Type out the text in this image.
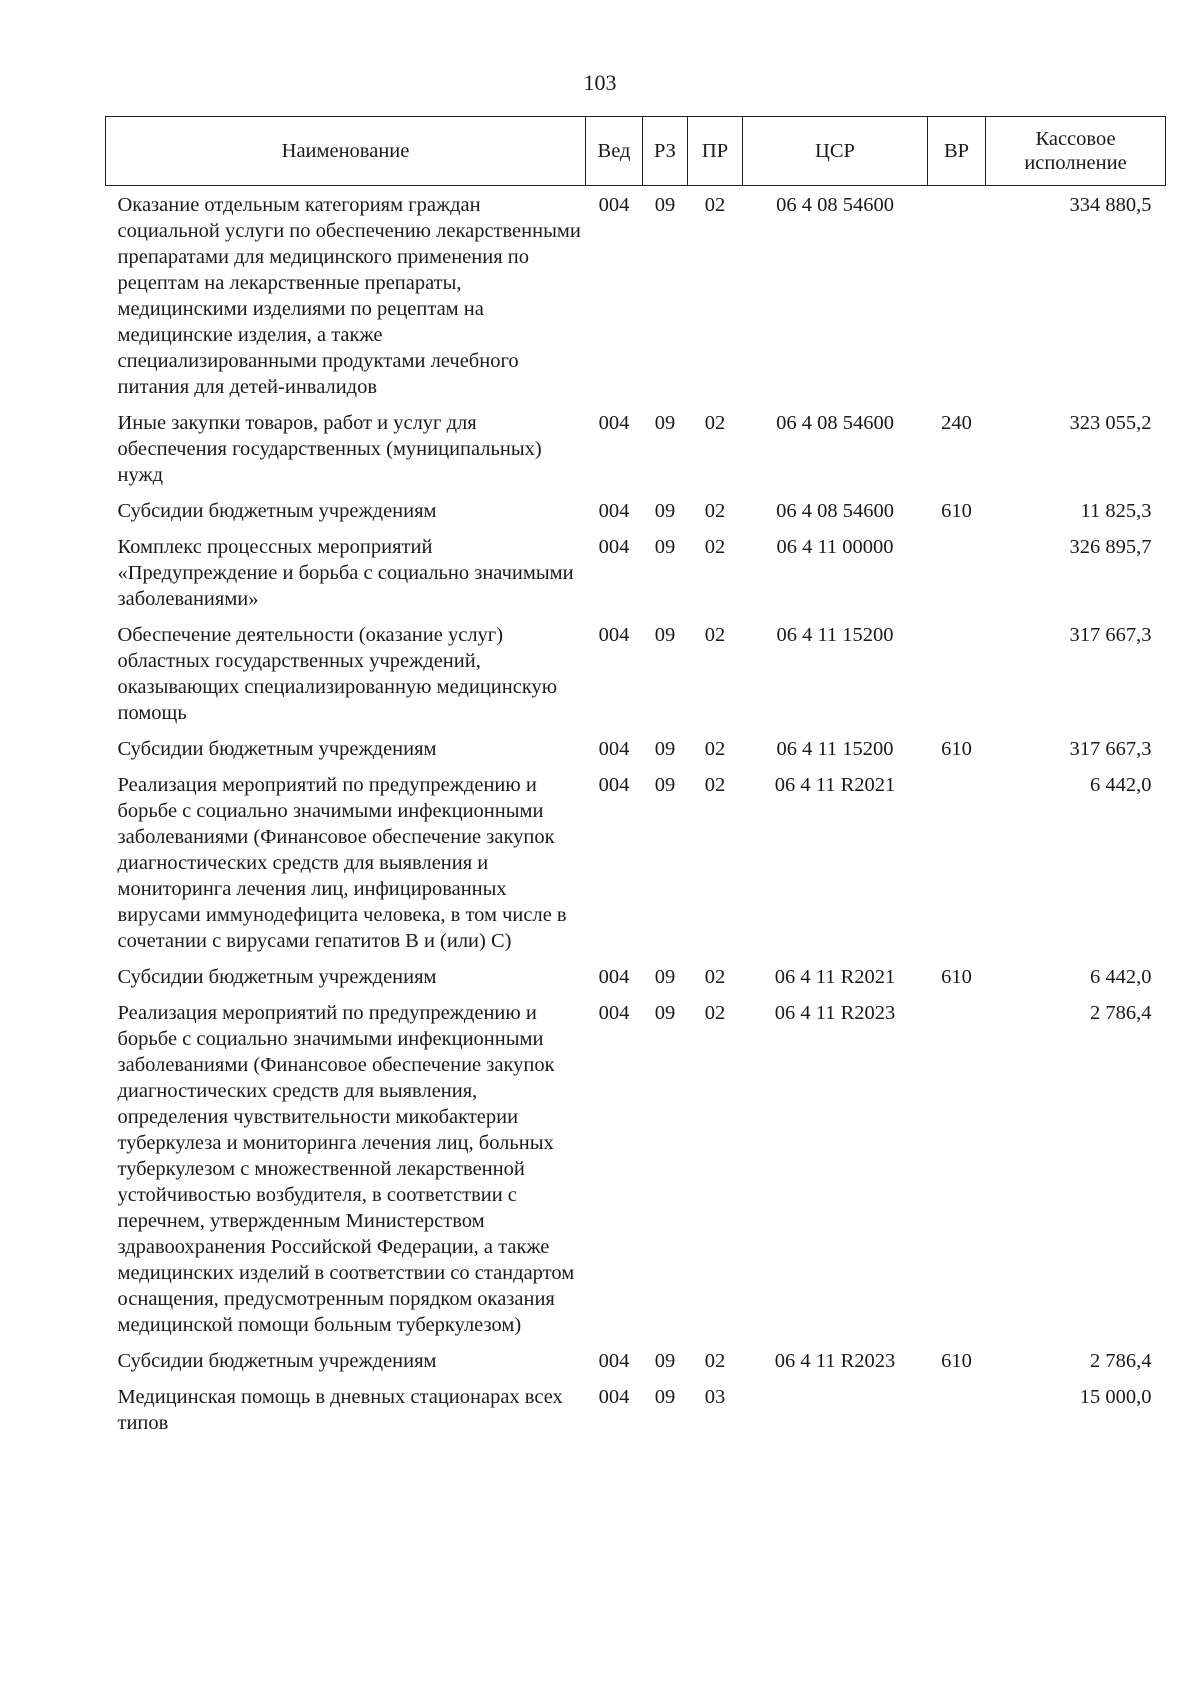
103
Наименование	Вед	РЗ	ПР	ЦСР	ВР	Кассовое исполнение
Оказание отдельным категориям граждан социальной услуги по обеспечению лекарственными препаратами для медицинского применения по рецептам на лекарственные препараты, медицинскими изделиями по рецептам на медицинские изделия, а также специализированными продуктами лечебного питания для детей-инвалидов	004	09	02	06 4 08 54600		334 880,5
Иные закупки товаров, работ и услуг для обеспечения государственных (муниципальных) нужд	004	09	02	06 4 08 54600	240	323 055,2
Субсидии бюджетным учреждениям	004	09	02	06 4 08 54600	610	11 825,3
Комплекс процессных мероприятий «Предупреждение и борьба с социально значимыми заболеваниями»	004	09	02	06 4 11 00000		326 895,7
Обеспечение деятельности (оказание услуг) областных государственных учреждений, оказывающих специализированную медицинскую помощь	004	09	02	06 4 11 15200		317 667,3
Субсидии бюджетным учреждениям	004	09	02	06 4 11 15200	610	317 667,3
Реализация мероприятий по предупреждению и борьбе с социально значимыми инфекционными заболеваниями (Финансовое обеспечение закупок диагностических средств для выявления и мониторинга лечения лиц, инфицированных вирусами иммунодефицита человека, в том числе в сочетании с вирусами гепатитов В и (или) С)	004	09	02	06 4 11 R2021		6 442,0
Субсидии бюджетным учреждениям	004	09	02	06 4 11 R2021	610	6 442,0
Реализация мероприятий по предупреждению и борьбе с социально значимыми инфекционными заболеваниями (Финансовое обеспечение закупок диагностических средств для выявления, определения чувствительности микобактерии туберкулеза и мониторинга лечения лиц, больных туберкулезом с множественной лекарственной устойчивостью возбудителя, в соответствии с перечнем, утвержденным Министерством здравоохранения Российской Федерации, а также медицинских изделий в соответствии со стандартом оснащения, предусмотренным порядком оказания медицинской помощи больным туберкулезом)	004	09	02	06 4 11 R2023		2 786,4
Субсидии бюджетным учреждениям	004	09	02	06 4 11 R2023	610	2 786,4
Медицинская помощь в дневных стационарах всех типов	004	09	03			15 000,0
